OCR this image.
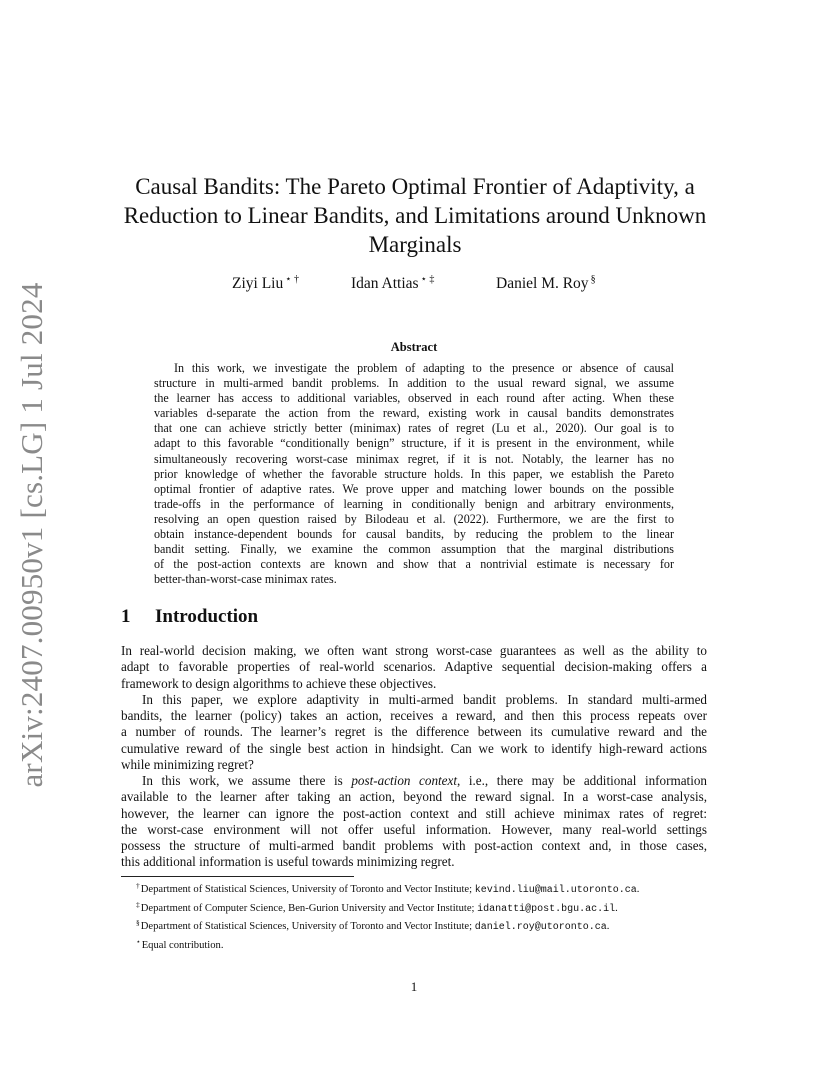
arXiv:2407.00950v1 [cs.LG] 1 Jul 2024
Causal Bandits: The Pareto Optimal Frontier of Adaptivity, a
Reduction to Linear Bandits, and Limitations around Unknown
Marginals
Ziyi Liu ⋆ †	Idan Attias ⋆ ‡	Daniel M. Roy §
Abstract
In this work, we investigate the problem of adapting to the presence or absence of causal
structure in multi-armed bandit problems. In addition to the usual reward signal, we assume
the learner has access to additional variables, observed in each round after acting. When these
variables d-separate the action from the reward, existing work in causal bandits demonstrates
that one can achieve strictly better (minimax) rates of regret (Lu et al., 2020). Our goal is to
adapt to this favorable “conditionally benign” structure, if it is present in the environment, while
simultaneously recovering worst-case minimax regret, if it is not. Notably, the learner has no
prior knowledge of whether the favorable structure holds. In this paper, we establish the Pareto
optimal frontier of adaptive rates. We prove upper and matching lower bounds on the possible
trade-offs in the performance of learning in conditionally benign and arbitrary environments,
resolving an open question raised by Bilodeau et al. (2022). Furthermore, we are the first to
obtain instance-dependent bounds for causal bandits, by reducing the problem to the linear
bandit setting. Finally, we examine the common assumption that the marginal distributions
of the post-action contexts are known and show that a nontrivial estimate is necessary for
better-than-worst-case minimax rates.
1 Introduction
In real-world decision making, we often want strong worst-case guarantees as well as the ability to
adapt to favorable properties of real-world scenarios. Adaptive sequential decision-making offers a
framework to design algorithms to achieve these objectives.
In this paper, we explore adaptivity in multi-armed bandit problems. In standard multi-armed
bandits, the learner (policy) takes an action, receives a reward, and then this process repeats over
a number of rounds. The learner’s regret is the difference between its cumulative reward and the
cumulative reward of the single best action in hindsight. Can we work to identify high-reward actions
while minimizing regret?
In this work, we assume there is post-action context, i.e., there may be additional information
available to the learner after taking an action, beyond the reward signal. In a worst-case analysis,
however, the learner can ignore the post-action context and still achieve minimax rates of regret:
the worst-case environment will not offer useful information. However, many real-world settings
possess the structure of multi-armed bandit problems with post-action context and, in those cases,
this additional information is useful towards minimizing regret.
†Department of Statistical Sciences, University of Toronto and Vector Institute; kevind.liu@mail.utoronto.ca.
‡Department of Computer Science, Ben-Gurion University and Vector Institute; idanatti@post.bgu.ac.il.
§Department of Statistical Sciences, University of Toronto and Vector Institute; daniel.roy@utoronto.ca.
⋆Equal contribution.
1
